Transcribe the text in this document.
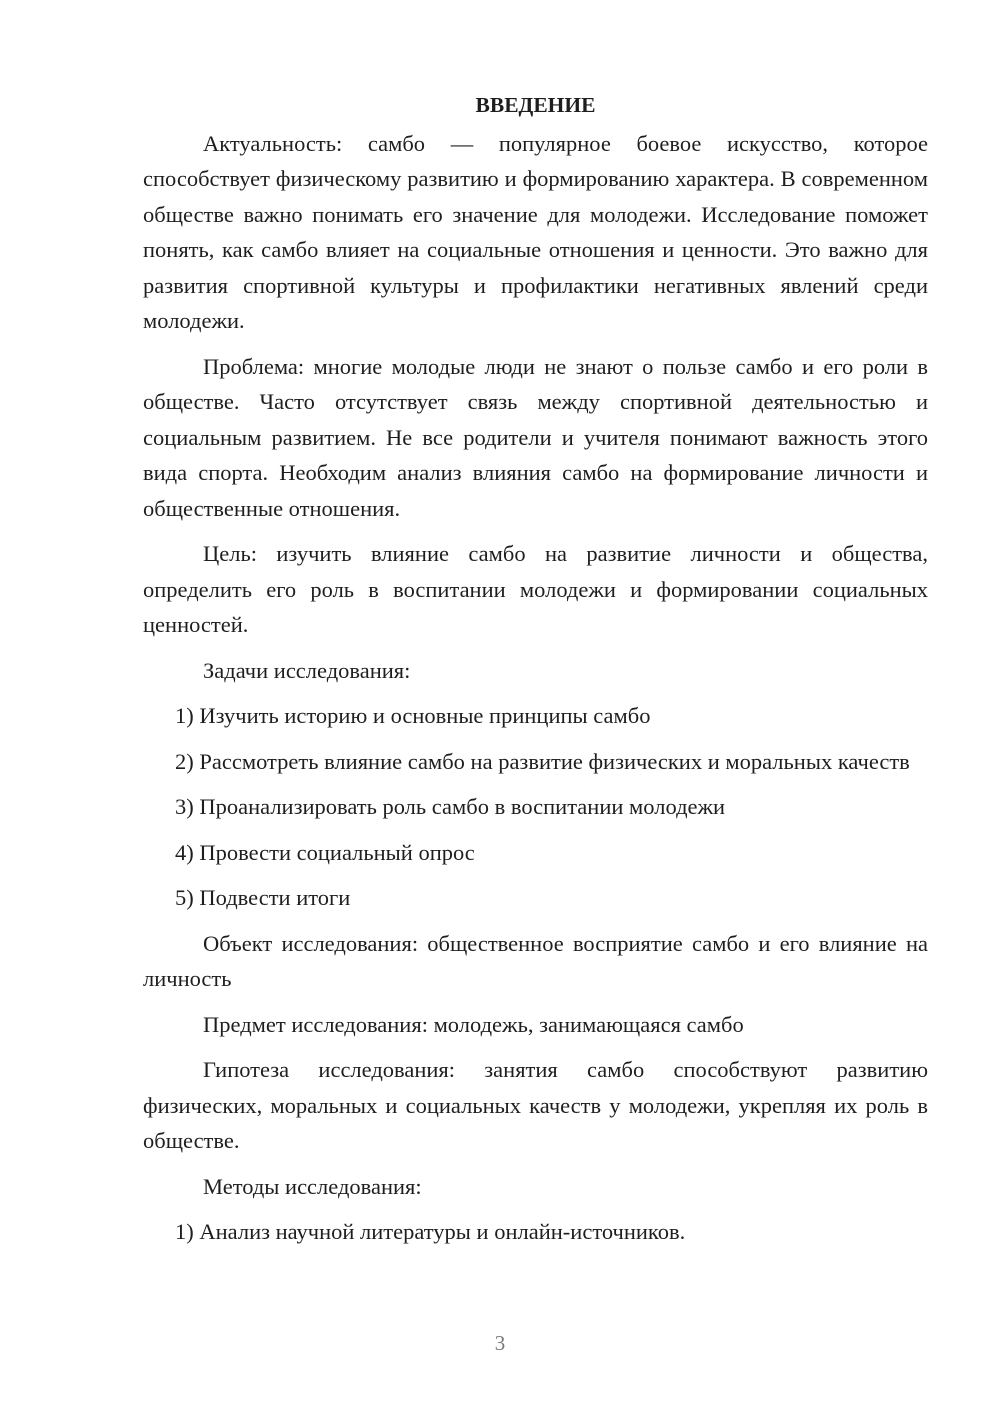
ВВЕДЕНИЕ

Актуальность: самбо — популярное боевое искусство, которое способствует физическому развитию и формированию характера. В современном обществе важно понимать его значение для молодежи. Исследование поможет понять, как самбо влияет на социальные отношения и ценности. Это важно для развития спортивной культуры и профилактики негативных явлений среди молодежи.

Проблема: многие молодые люди не знают о пользе самбо и его роли в обществе. Часто отсутствует связь между спортивной деятельностью и социальным развитием. Не все родители и учителя понимают важность этого вида спорта. Необходим анализ влияния самбо на формирование личности и общественные отношения.

Цель: изучить влияние самбо на развитие личности и общества, определить его роль в воспитании молодежи и формировании социальных ценностей.

Задачи исследования:

1) Изучить историю и основные принципы самбо

2) Рассмотреть влияние самбо на развитие физических и моральных качеств

3) Проанализировать роль самбо в воспитании молодежи

4) Провести социальный опрос

5) Подвести итоги

Объект исследования: общественное восприятие самбо и его влияние на личность

Предмет исследования: молодежь, занимающаяся самбо

Гипотеза исследования: занятия самбо способствуют развитию физических, моральных и социальных качеств у молодежи, укрепляя их роль в обществе.

Методы исследования:

1) Анализ научной литературы и онлайн-источников.

3
